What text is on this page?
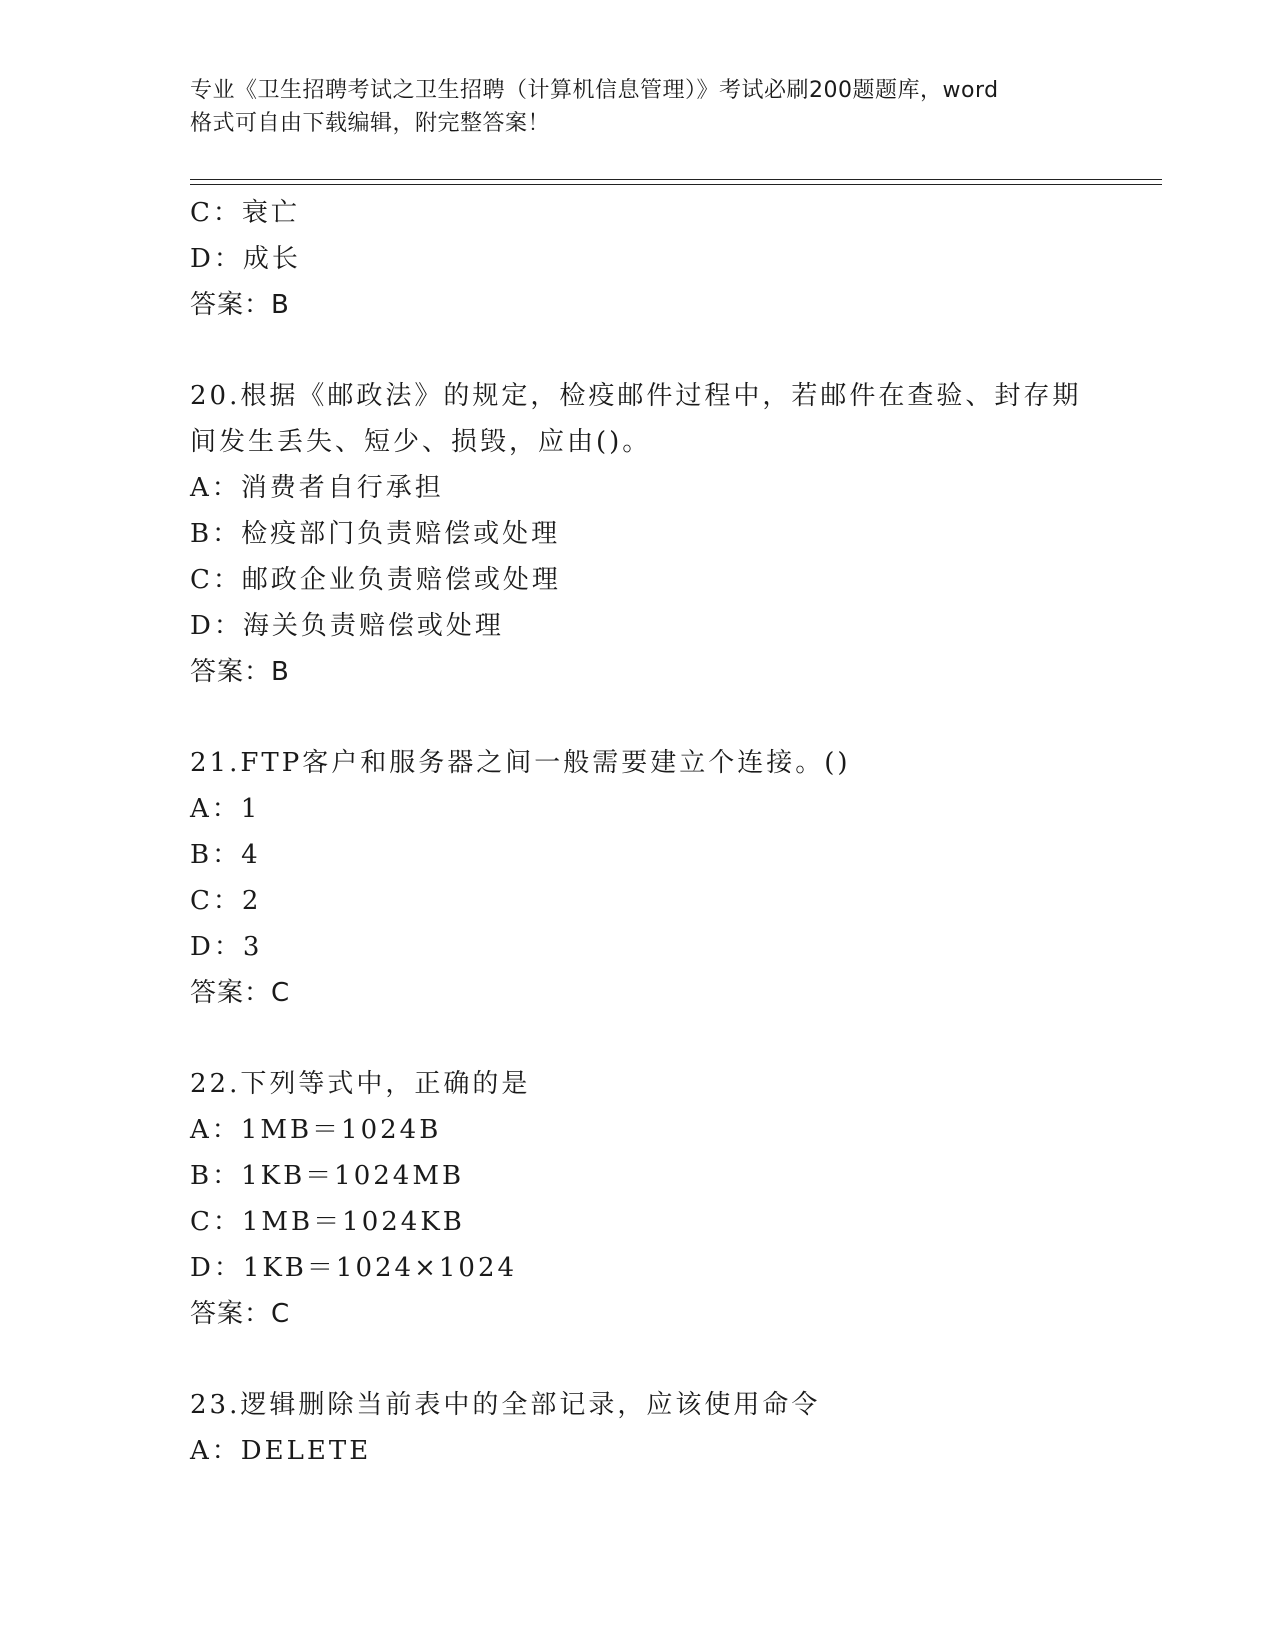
专业《卫生招聘考试之卫生招聘（计算机信息管理）》考试必刷200题题库，word
格式可自由下载编辑，附完整答案！
C：衰亡
D：成长
答案：B
20.根据《邮政法》的规定，检疫邮件过程中，若邮件在查验、封存期
间发生丢失、短少、损毁，应由()。
A：消费者自行承担
B：检疫部门负责赔偿或处理
C：邮政企业负责赔偿或处理
D：海关负责赔偿或处理
答案：B
21.FTP客户和服务器之间一般需要建立个连接。()
A：1
B：4
C：2
D：3
答案：C
22.下列等式中，正确的是
A：1MB＝1024B
B：1KB＝1024MB
C：1MB＝1024KB
D：1KB＝1024×1024
答案：C
23.逻辑删除当前表中的全部记录，应该使用命令
A：DELETE
